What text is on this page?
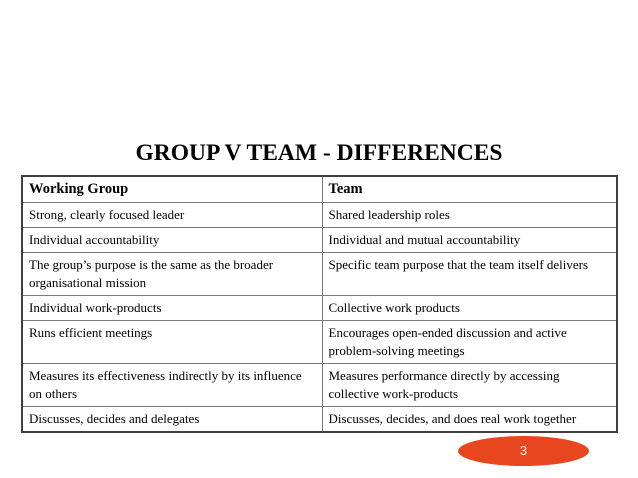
GROUP V TEAM - DIFFERENCES
Working Group	Team
Strong, clearly focused leader	Shared leadership roles
Individual accountability	Individual and mutual accountability
The group’s purpose is the same as the broader organisational mission	Specific team purpose that the team itself delivers
Individual work-products	Collective work products
Runs efficient meetings	Encourages open-ended discussion and active problem-solving meetings
Measures its effectiveness indirectly by its influence on others	Measures performance directly by accessing collective work-products
Discusses, decides and delegates	Discusses, decides, and does real work together
3
